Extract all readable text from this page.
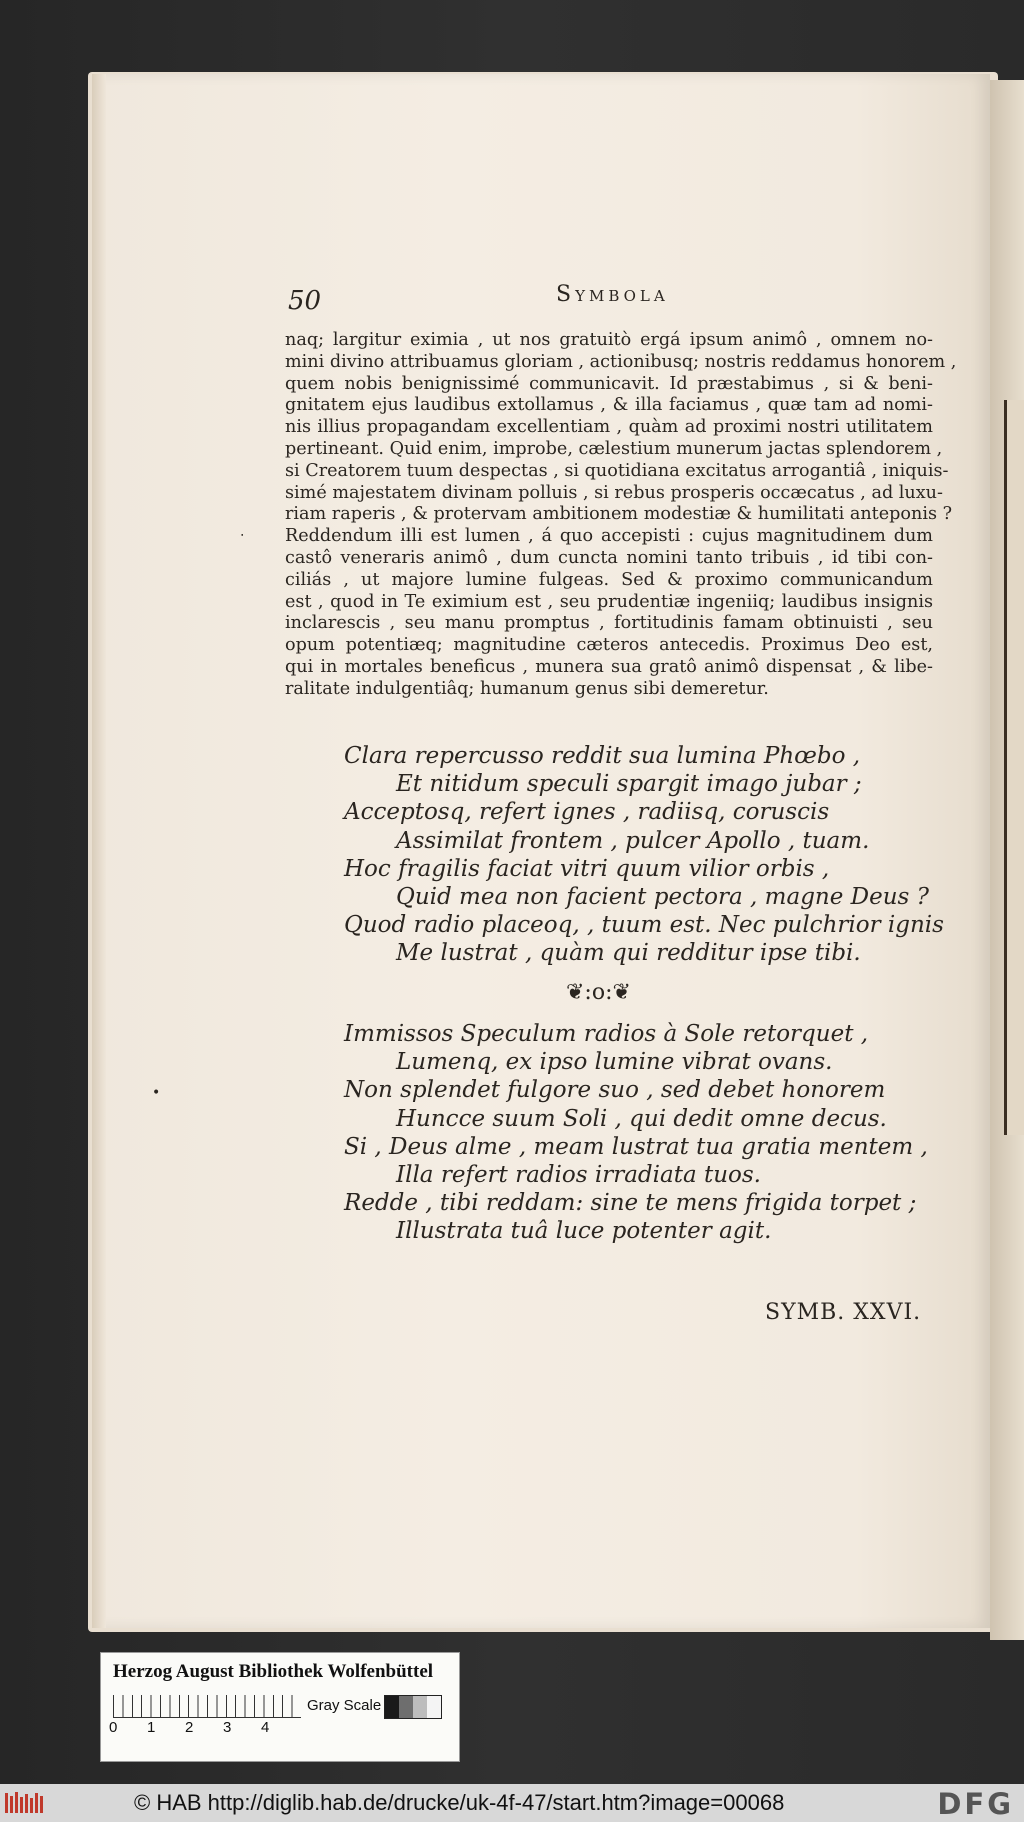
50	Symbola
‧
•
naq; largitur eximia , ut nos gratuitò ergá ipsum animô , omnem no-
mini divino attribuamus gloriam , actionibusq; nostris reddamus honorem ,
quem nobis benignissimé communicavit. Id præstabimus , si & beni-
gnitatem ejus laudibus extollamus , & illa faciamus , quæ tam ad nomi-
nis illius propagandam excellentiam , quàm ad proximi nostri utilitatem
pertineant. Quid enim, improbe, cælestium munerum jactas splendorem ,
si Creatorem tuum despectas , si quotidiana excitatus arrogantiâ , iniquis-
simé majestatem divinam polluis , si rebus prosperis occæcatus , ad luxu-
riam raperis , & protervam ambitionem modestiæ & humilitati anteponis ?
Reddendum illi est lumen , á quo accepisti : cujus magnitudinem dum
castô veneraris animô , dum cuncta nomini tanto tribuis , id tibi con-
ciliás , ut majore lumine fulgeas. Sed & proximo communicandum
est , quod in Te eximium est , seu prudentiæ ingeniiq; laudibus insignis
inclarescis , seu manu promptus , fortitudinis famam obtinuisti , seu
opum potentiæq; magnitudine cæteros antecedis. Proximus Deo est,
qui in mortales beneficus , munera sua gratô animô dispensat , & libe-
ralitate indulgentiâq; humanum genus sibi demeretur.
Clara repercusso reddit sua lumina Phœbo ,
Et nitidum speculi spargit imago jubar ;
Acceptosq, refert ignes , radiisq, coruscis
Assimilat frontem , pulcer Apollo , tuam.
Hoc fragilis faciat vitri quum vilior orbis ,
Quid mea non facient pectora , magne Deus ?
Quod radio placeoq, , tuum est. Nec pulchrior ignis
Me lustrat , quàm qui redditur ipse tibi.
❦:o:❦
Immissos Speculum radios à Sole retorquet ,
Lumenq, ex ipso lumine vibrat ovans.
Non splendet fulgore suo , sed debet honorem
Huncce suum Soli , qui dedit omne decus.
Si , Deus alme , meam lustrat tua gratia mentem ,
Illa refert radios irradiata tuos.
Redde , tibi reddam: sine te mens frigida torpet ;
Illustrata tuâ luce potenter agit.
SYMB. XXVI.
Herzog August Bibliothek Wolfenbüttel
0 1 2 3 4
Gray Scale
© HAB http://diglib.hab.de/drucke/uk-4f-47/start.htm?image=00068	DFG
